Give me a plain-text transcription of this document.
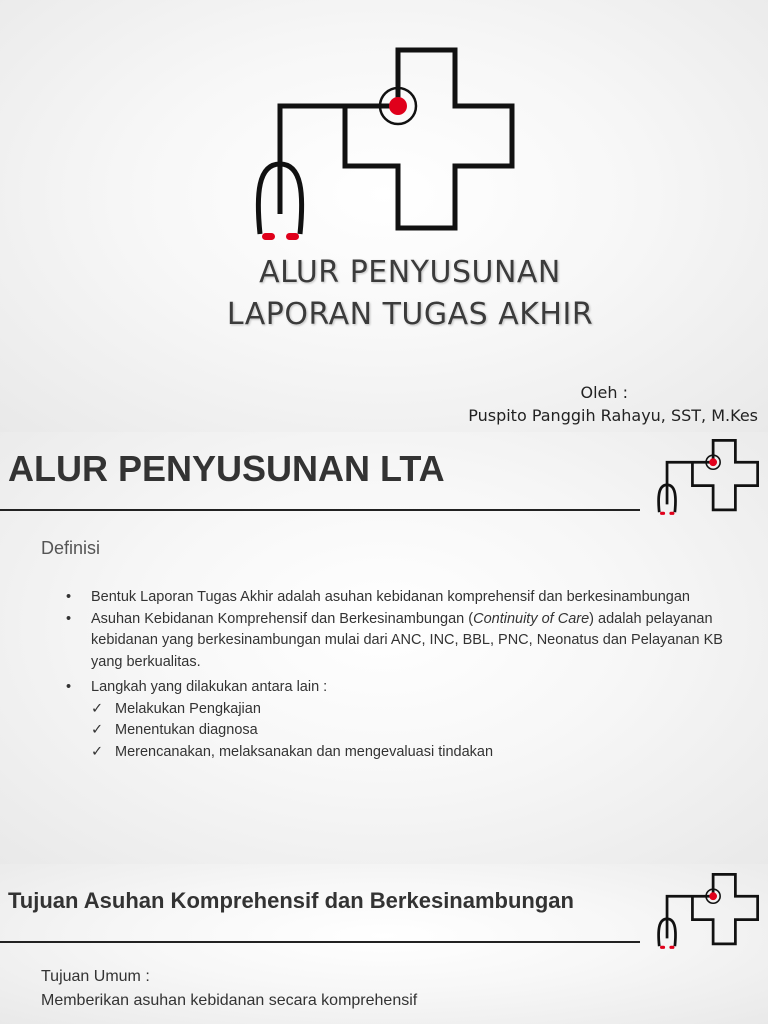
ALUR PENYUSUNAN
LAPORAN TUGAS AKHIR
Oleh :
Puspito Panggih Rahayu, SST, M.Kes
ALUR PENYUSUNAN LTA
Definisi
• Bentuk Laporan Tugas Akhir adalah asuhan kebidanan komprehensif dan berkesinambungan
• Asuhan Kebidanan Komprehensif dan Berkesinambungan (Continuity of Care) adalah pelayanan kebidanan yang berkesinambungan mulai dari ANC, INC, BBL, PNC, Neonatus dan Pelayanan KB yang berkualitas.
• Langkah yang dilakukan antara lain :
✓ Melakukan Pengkajian
✓ Menentukan diagnosa
✓ Merencanakan, melaksanakan dan mengevaluasi tindakan
Tujuan Asuhan Komprehensif dan Berkesinambungan
Tujuan Umum :
Memberikan asuhan kebidanan secara komprehensif
